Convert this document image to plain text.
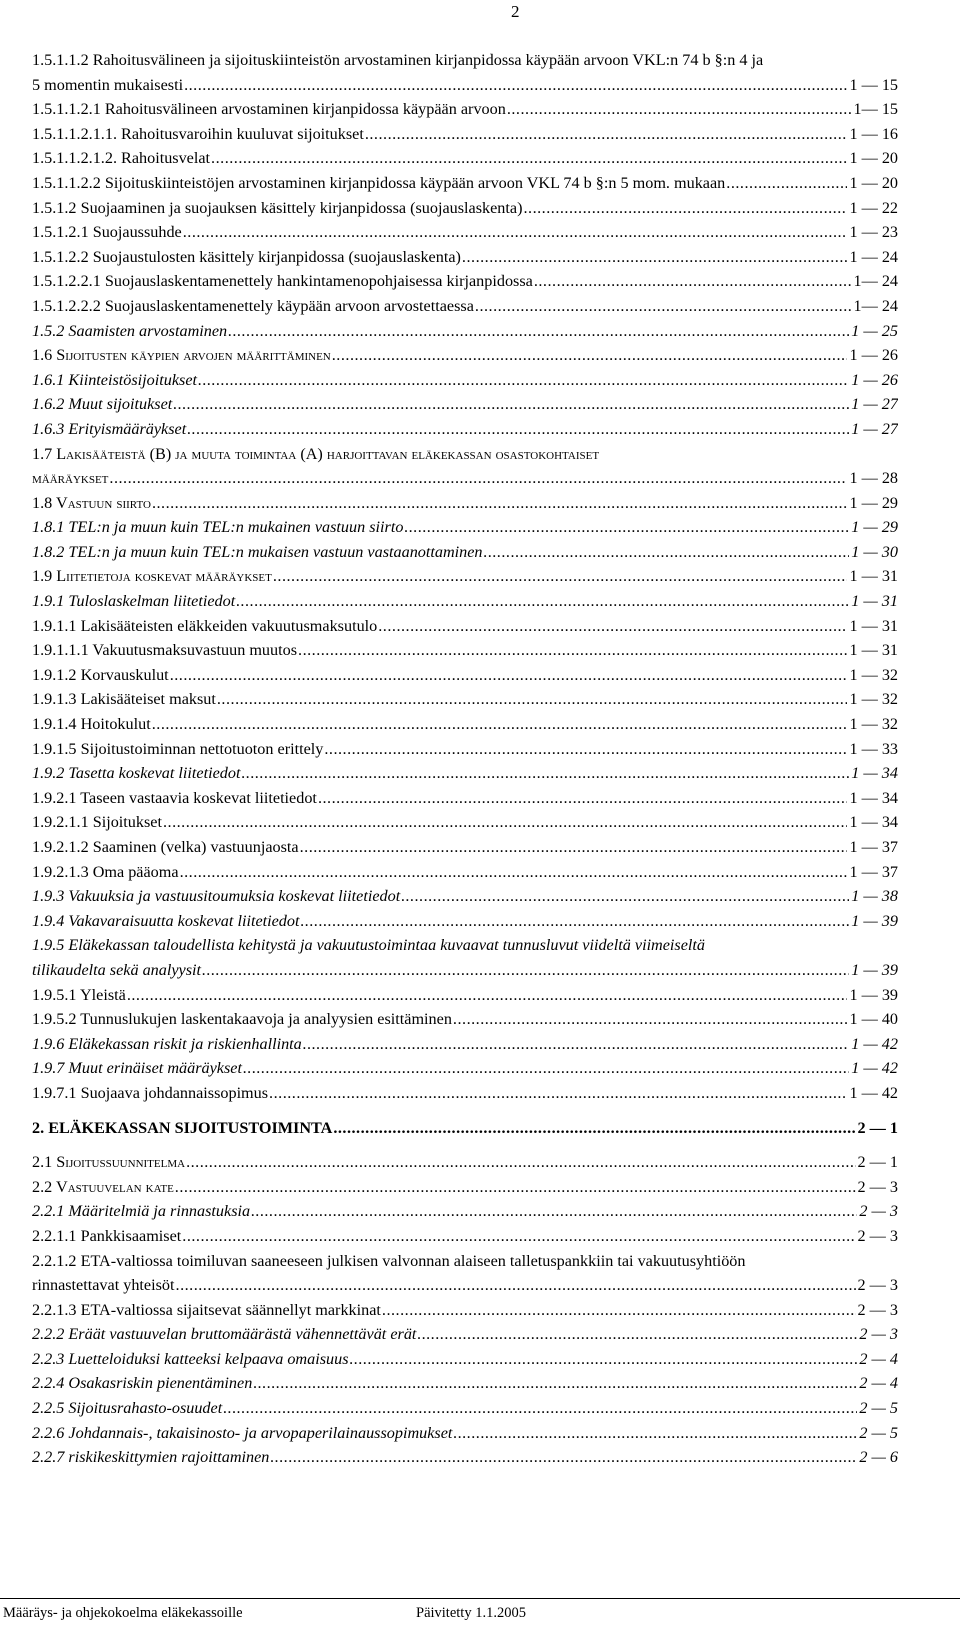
2
1.5.1.1.2 Rahoitusvälineen ja sijoituskiinteistön arvostaminen kirjanpidossa käypään arvoon VKL:n 74 b §:n 4 ja
5 momentin mukaisesti .....	1 — 15
1.5.1.1.2.1 Rahoitusvälineen arvostaminen kirjanpidossa käypään arvoon .....	1— 15
1.5.1.1.2.1.1. Rahoitusvaroihin kuuluvat sijoitukset .....	1 — 16
1.5.1.1.2.1.2. Rahoitusvelat .....	1 — 20
1.5.1.1.2.2 Sijoituskiinteistöjen arvostaminen kirjanpidossa käypään arvoon VKL 74 b §:n 5 mom. mukaan .....	1 — 20
1.5.1.2 Suojaaminen ja suojauksen käsittely kirjanpidossa (suojauslaskenta) .....	1 — 22
1.5.1.2.1 Suojaussuhde .....	1 — 23
1.5.1.2.2 Suojaustulosten käsittely kirjanpidossa (suojauslaskenta) .....	1 — 24
1.5.1.2.2.1 Suojauslaskentamenettely hankintamenopohjaisessa kirjanpidossa .....	1— 24
1.5.1.2.2.2 Suojauslaskentamenettely käypään arvoon arvostettaessa .....	1— 24
1.5.2 Saamisten arvostaminen .....	1 — 25
1.6 Sijoitusten käypien arvojen määrittäminen .....	1 — 26
1.6.1 Kiinteistösijoitukset .....	1 — 26
1.6.2 Muut sijoitukset .....	1 — 27
1.6.3 Erityismääräykset .....	1 — 27
1.7 Lakisääteistä (B) ja muuta toimintaa (A) harjoittavan eläkekassan osastokohtaiset
määräykset .....	1 — 28
1.8 Vastuun siirto .....	1 — 29
1.8.1 TEL:n ja muun kuin TEL:n mukainen vastuun siirto .....	1 — 29
1.8.2 TEL:n ja muun kuin TEL:n mukaisen vastuun vastaanottaminen .....	1 — 30
1.9 Liitetietoja koskevat määräykset .....	1 — 31
1.9.1 Tuloslaskelman liitetiedot .....	1 — 31
1.9.1.1 Lakisääteisten eläkkeiden vakuutusmaksutulo .....	1 — 31
1.9.1.1.1 Vakuutusmaksuvastuun muutos .....	1 — 31
1.9.1.2 Korvauskulut .....	1 — 32
1.9.1.3 Lakisääteiset maksut .....	1 — 32
1.9.1.4 Hoitokulut .....	1 — 32
1.9.1.5 Sijoitustoiminnan nettotuoton erittely .....	1 — 33
1.9.2 Tasetta koskevat liitetiedot .....	1 — 34
1.9.2.1 Taseen vastaavia koskevat liitetiedot .....	1 — 34
1.9.2.1.1 Sijoitukset .....	1 — 34
1.9.2.1.2 Saaminen (velka) vastuunjaosta .....	1 — 37
1.9.2.1.3 Oma pääoma .....	1 — 37
1.9.3 Vakuuksia ja vastuusitoumuksia koskevat liitetiedot .....	1 — 38
1.9.4 Vakavaraisuutta koskevat liitetiedot .....	1 — 39
1.9.5 Eläkekassan taloudellista kehitystä ja vakuutustoimintaa kuvaavat tunnusluvut viideltä viimeiseltä
tilikaudelta sekä analyysit .....	1 — 39
1.9.5.1 Yleistä .....	1 — 39
1.9.5.2 Tunnuslukujen laskentakaavoja ja analyysien esittäminen .....	1 — 40
1.9.6 Eläkekassan riskit ja riskienhallinta .....	1 — 42
1.9.7 Muut erinäiset määräykset .....	1 — 42
1.9.7.1 Suojaava johdannaissopimus .....	1 — 42
2. ELÄKEKASSAN SIJOITUSTOIMINTA .....	2 — 1
2.1 Sijoitussuunnitelma .....	2 — 1
2.2 Vastuuvelan kate .....	2 — 3
2.2.1 Määritelmiä ja rinnastuksia .....	2 — 3
2.2.1.1 Pankkisaamiset .....	2 — 3
2.2.1.2 ETA-valtiossa toimiluvan saaneeseen julkisen valvonnan alaiseen talletuspankkiin tai vakuutusyhtiöön
rinnastettavat yhteisöt .....	2 — 3
2.2.1.3 ETA-valtiossa sijaitsevat säännellyt markkinat .....	2 — 3
2.2.2 Eräät vastuuvelan bruttomäärästä vähennettävät erät .....	2 — 3
2.2.3 Luetteloiduksi katteeksi kelpaava omaisuus .....	2 — 4
2.2.4 Osakasriskin pienentäminen .....	2 — 4
2.2.5 Sijoitusrahasto-osuudet .....	2 — 5
2.2.6 Johdannais-, takaisinosto- ja arvopaperilainaussopimukset .....	2 — 5
2.2.7 riskikeskittymien rajoittaminen .....	2 — 6
Määräys- ja ohjekokoelma eläkekassoille	Päivitetty 1.1.2005
